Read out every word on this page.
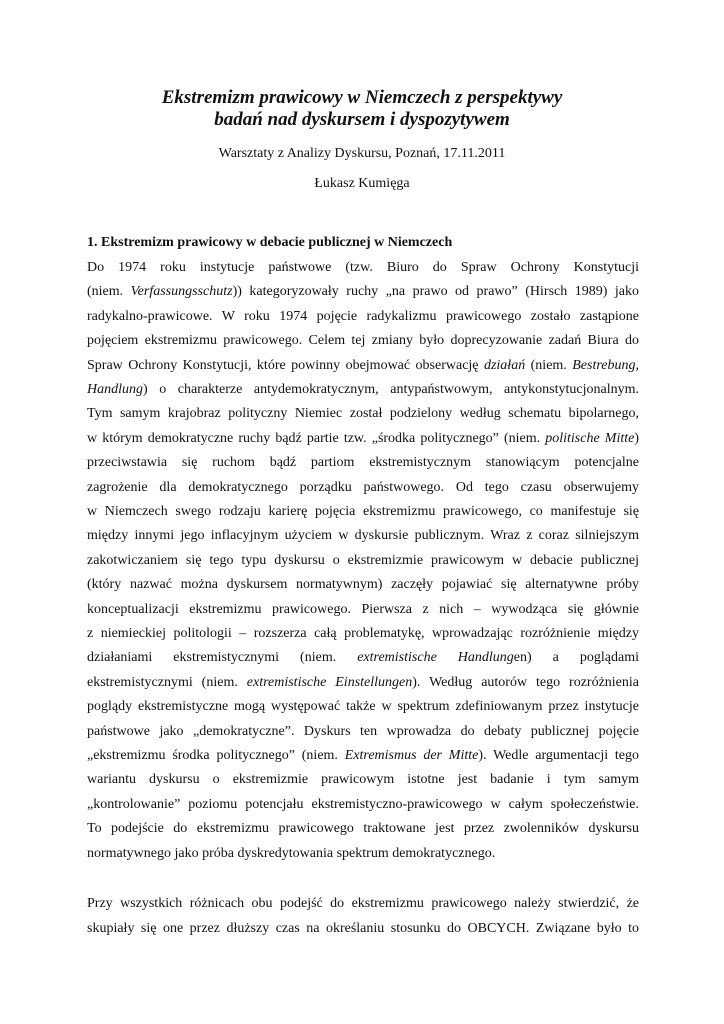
Ekstremizm prawicowy w Niemczech z perspektywy
badań nad dyskursem i dyspozytywem
Warsztaty z Analizy Dyskursu, Poznań, 17.11.2011
Łukasz Kumięga
1. Ekstremizm prawicowy w debacie publicznej w Niemczech
Do 1974 roku instytucje państwowe (tzw. Biuro do Spraw Ochrony Konstytucji
(niem. Verfassungsschutz)) kategoryzowały ruchy „na prawo od prawo” (Hirsch 1989) jako
radykalno-prawicowe. W roku 1974 pojęcie radykalizmu prawicowego zostało zastąpione
pojęciem ekstremizmu prawicowego. Celem tej zmiany było doprecyzowanie zadań Biura do
Spraw Ochrony Konstytucji, które powinny obejmować obserwację działań (niem. Bestrebung,
Handlung) o charakterze antydemokratycznym, antypaństwowym, antykonstytucjonalnym.
Tym samym krajobraz polityczny Niemiec został podzielony według schematu bipolarnego,
w którym demokratyczne ruchy bądź partie tzw. „środka politycznego” (niem. politische Mitte)
przeciwstawia się ruchom bądź partiom ekstremistycznym stanowiącym potencjalne
zagrożenie dla demokratycznego porządku państwowego. Od tego czasu obserwujemy
w Niemczech swego rodzaju karierę pojęcia ekstremizmu prawicowego, co manifestuje się
między innymi jego inflacyjnym użyciem w dyskursie publicznym. Wraz z coraz silniejszym
zakotwiczaniem się tego typu dyskursu o ekstremizmie prawicowym w debacie publicznej
(który nazwać można dyskursem normatywnym) zaczęły pojawiać się alternatywne próby
konceptualizacji ekstremizmu prawicowego. Pierwsza z nich – wywodząca się głównie
z niemieckiej politologii – rozszerza całą problematykę, wprowadzając rozróżnienie między
działaniami ekstremistycznymi (niem. extremistische Handlungen) a poglądami
ekstremistycznymi (niem. extremistische Einstellungen). Według autorów tego rozróżnienia
poglądy ekstremistyczne mogą występować także w spektrum zdefiniowanym przez instytucje
państwowe jako „demokratyczne”. Dyskurs ten wprowadza do debaty publicznej pojęcie
„ekstremizmu środka politycznego” (niem. Extremismus der Mitte). Wedle argumentacji tego
wariantu dyskursu o ekstremizmie prawicowym istotne jest badanie i tym samym
„kontrolowanie” poziomu potencjału ekstremistyczno-prawicowego w całym społeczeństwie.
To podejście do ekstremizmu prawicowego traktowane jest przez zwolenników dyskursu
normatywnego jako próba dyskredytowania spektrum demokratycznego.
Przy wszystkich różnicach obu podejść do ekstremizmu prawicowego należy stwierdzić, że
skupiały się one przez dłuższy czas na określaniu stosunku do OBCYCH. Związane było to
